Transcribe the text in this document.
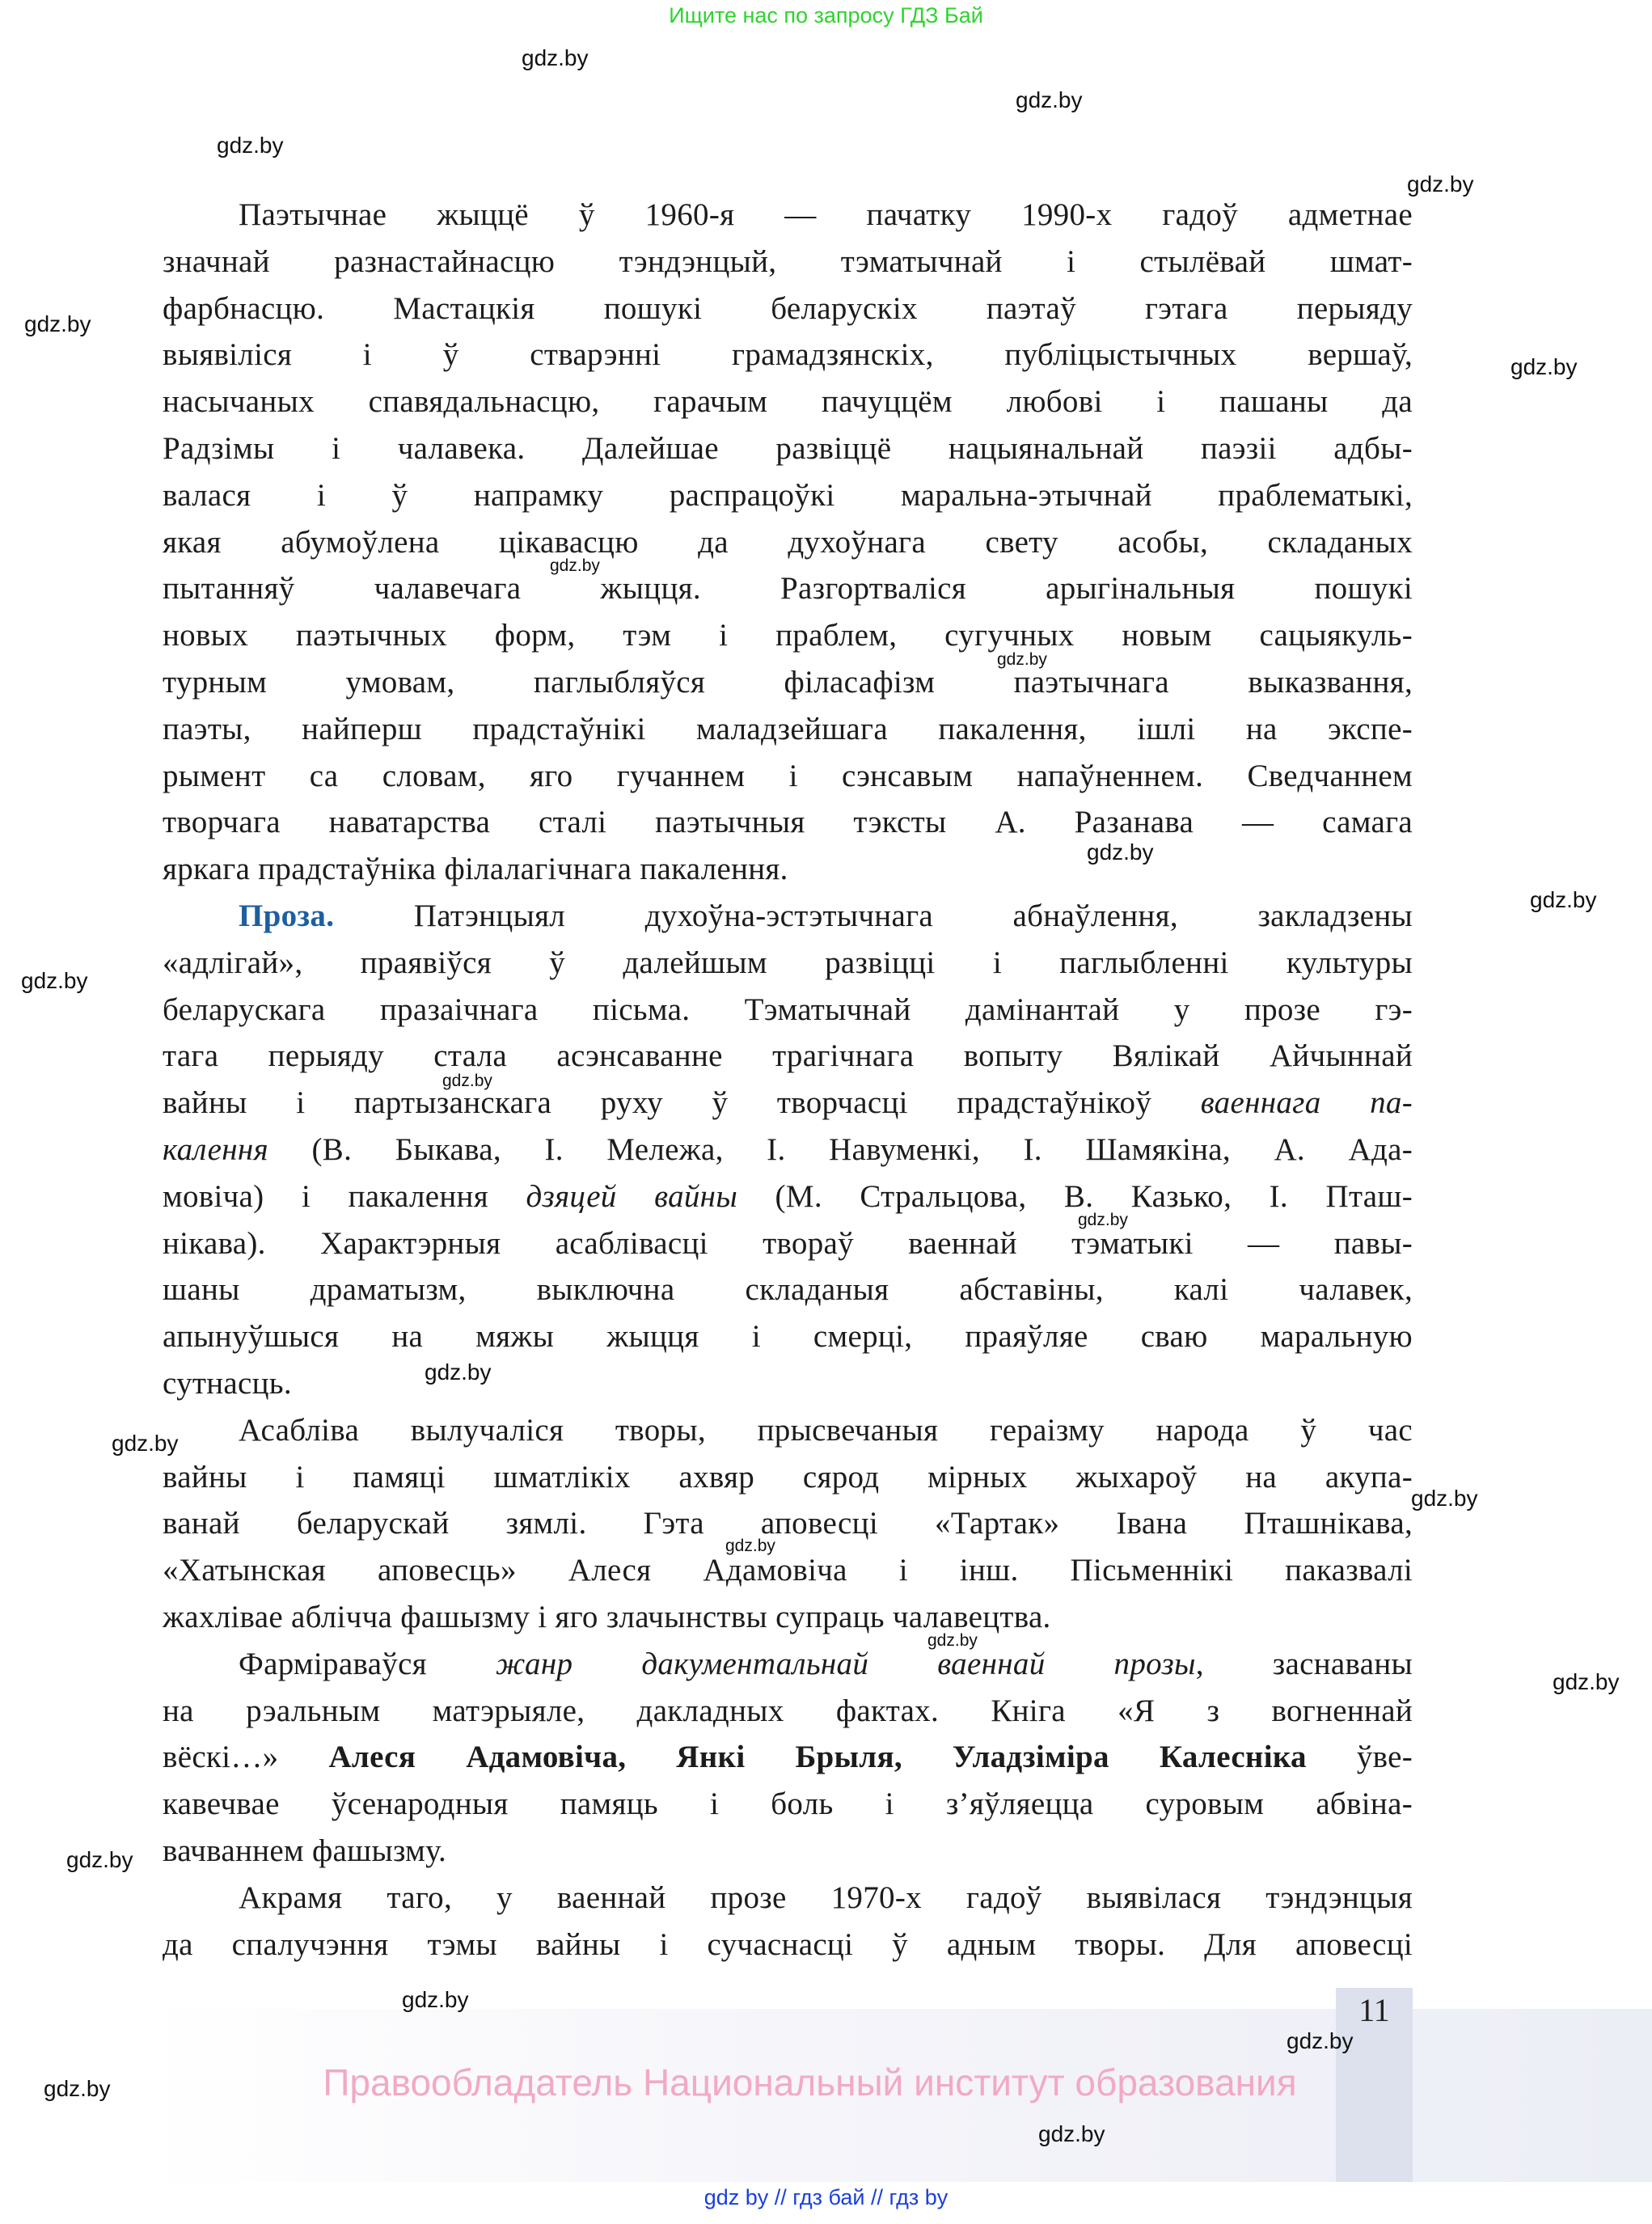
11
Правообладатель Национальный институт образования
Ищите нас по запросу ГДЗ Бай
gdz by // гдз бай // гдз by
Паэтычнае жыццё ў 1960-я — пачатку 1990-х гадоў адметнае
значнай разнастайнасцю тэндэнцый, тэматычнай і стылёвай шмат-
фарбнасцю. Мастацкія пошукі беларускіх паэтаў гэтага перыяду
выявіліся і ў стварэнні грамадзянскіх, публіцыстычных вершаў,
насычаных спавядальнасцю, гарачым пачуццём любові і пашаны да
Радзімы і чалавека. Далейшае развіццё нацыянальнай паэзіі адбы-
валася і ў напрамку распрацоўкі маральна-этычнай праблематыкі,
якая абумоўлена цікавасцю да духоўнага свету асобы, складаных
пытанняў чалавечага жыцця. Разгортваліся арыгінальныя пошукі
новых паэтычных форм, тэм і праблем, сугучных новым сацыякуль-
турным умовам, паглыбляўся філасафізм паэтычнага выказвання,
паэты, найперш прадстаўнікі маладзейшага пакалення, ішлі на экспе-
рымент са словам, яго гучаннем і сэнсавым напаўненнем. Сведчаннем
творчага наватарства сталі паэтычныя тэксты А. Разанава — самага
яркага прадстаўніка філалагічнага пакалення.
Проза. Патэнцыял духоўна-эстэтычнага абнаўлення, закладзены
«адлігай», праявіўся ў далейшым развіцці і паглыбленні культуры
беларускага празаічнага пісьма. Тэматычнай дамінантай у прозе гэ-
тага перыяду стала асэнсаванне трагічнага вопыту Вялікай Айчыннай
вайны і партызанскага руху ў творчасці прадстаўнікоў ваеннага па-
калення (В. Быкава, І. Мележа, І. Навуменкі, І. Шамякіна, А. Ада-
мовіча) і пакалення дзяцей вайны (М. Стральцова, В. Казько, І. Пташ-
нікава). Характэрныя асаблівасці твораў ваеннай тэматыкі — павы-
шаны драматызм, выключна складаныя абставіны, калі чалавек,
апынуўшыся на мяжы жыцця і смерці, праяўляе сваю маральную
сутнасць.
Асабліва вылучаліся творы, прысвечаныя гераізму народа ў час
вайны і памяці шматлікіх ахвяр сярод мірных жыхароў на акупа-
ванай беларускай зямлі. Гэта аповесці «Тартак» Івана Пташнікава,
«Хатынская аповесць» Алеся Адамовіча і інш. Пісьменнікі паказвалі
жахлівае аблічча фашызму і яго злачынствы супраць чалавецтва.
Фарміраваўся жанр дакументальнай ваеннай прозы, заснаваны
на рэальным матэрыяле, дакладных фактах. Кніга «Я з вогненнай
вёскі…» Алеся Адамовіча, Янкі Брыля, Уладзіміра Калесніка ўве-
кавечвае ўсенародныя памяць і боль і з’яўляецца суровым абвіна-
вачваннем фашызму.
Акрамя таго, у ваеннай прозе 1970-х гадоў выявілася тэндэнцыя
да спалучэння тэмы вайны і сучаснасці ў адным творы. Для аповесці
gdz.by
gdz.by
gdz.by
gdz.by
gdz.by
gdz.by
gdz.by
gdz.by
gdz.by
gdz.by
gdz.by
gdz.by
gdz.by
gdz.by
gdz.by
gdz.by
gdz.by
gdz.by
gdz.by
gdz.by
gdz.by
gdz.by
gdz.by
gdz.by
